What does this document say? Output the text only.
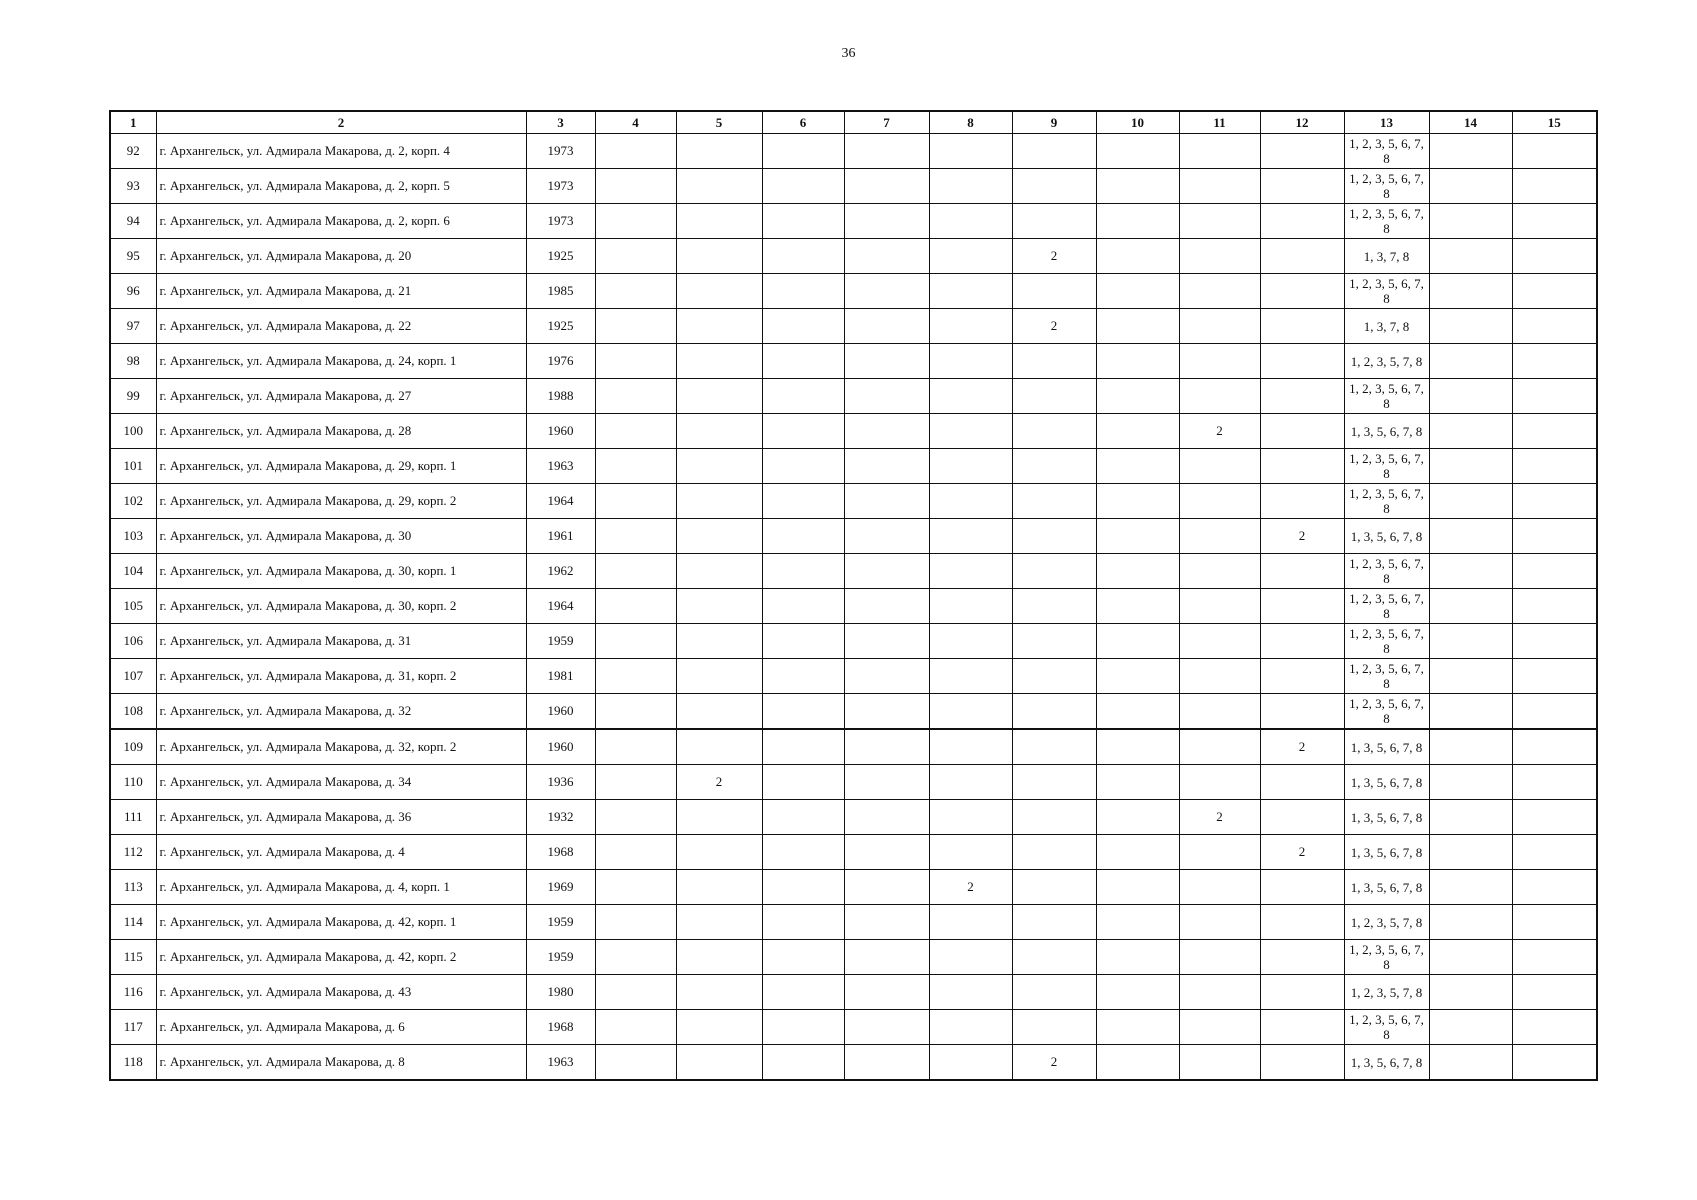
36
1	2	3	4	5	6	7	8	9	10	11	12	13	14	15
92	г. Архангельск, ул. Адмирала Макарова, д. 2, корп. 4	1973										1, 2, 3, 5, 6, 7, 8		
93	г. Архангельск, ул. Адмирала Макарова, д. 2, корп. 5	1973										1, 2, 3, 5, 6, 7, 8		
94	г. Архангельск, ул. Адмирала Макарова, д. 2, корп. 6	1973										1, 2, 3, 5, 6, 7, 8		
95	г. Архангельск, ул. Адмирала Макарова, д. 20	1925						2				1, 3, 7, 8		
96	г. Архангельск, ул. Адмирала Макарова, д. 21	1985										1, 2, 3, 5, 6, 7, 8		
97	г. Архангельск, ул. Адмирала Макарова, д. 22	1925						2				1, 3, 7, 8		
98	г. Архангельск, ул. Адмирала Макарова, д. 24, корп. 1	1976										1, 2, 3, 5, 7, 8		
99	г. Архангельск, ул. Адмирала Макарова, д. 27	1988										1, 2, 3, 5, 6, 7, 8		
100	г. Архангельск, ул. Адмирала Макарова, д. 28	1960								2		1, 3, 5, 6, 7, 8		
101	г. Архангельск, ул. Адмирала Макарова, д. 29, корп. 1	1963										1, 2, 3, 5, 6, 7, 8		
102	г. Архангельск, ул. Адмирала Макарова, д. 29, корп. 2	1964										1, 2, 3, 5, 6, 7, 8		
103	г. Архангельск, ул. Адмирала Макарова, д. 30	1961									2	1, 3, 5, 6, 7, 8		
104	г. Архангельск, ул. Адмирала Макарова, д. 30, корп. 1	1962										1, 2, 3, 5, 6, 7, 8		
105	г. Архангельск, ул. Адмирала Макарова, д. 30, корп. 2	1964										1, 2, 3, 5, 6, 7, 8		
106	г. Архангельск, ул. Адмирала Макарова, д. 31	1959										1, 2, 3, 5, 6, 7, 8		
107	г. Архангельск, ул. Адмирала Макарова, д. 31, корп. 2	1981										1, 2, 3, 5, 6, 7, 8		
108	г. Архангельск, ул. Адмирала Макарова, д. 32	1960										1, 2, 3, 5, 6, 7, 8		
109	г. Архангельск, ул. Адмирала Макарова, д. 32, корп. 2	1960									2	1, 3, 5, 6, 7, 8		
110	г. Архангельск, ул. Адмирала Макарова, д. 34	1936		2								1, 3, 5, 6, 7, 8		
111	г. Архангельск, ул. Адмирала Макарова, д. 36	1932								2		1, 3, 5, 6, 7, 8		
112	г. Архангельск, ул. Адмирала Макарова, д. 4	1968									2	1, 3, 5, 6, 7, 8		
113	г. Архангельск, ул. Адмирала Макарова, д. 4, корп. 1	1969					2					1, 3, 5, 6, 7, 8		
114	г. Архангельск, ул. Адмирала Макарова, д. 42, корп. 1	1959										1, 2, 3, 5, 7, 8		
115	г. Архангельск, ул. Адмирала Макарова, д. 42, корп. 2	1959										1, 2, 3, 5, 6, 7, 8		
116	г. Архангельск, ул. Адмирала Макарова, д. 43	1980										1, 2, 3, 5, 7, 8		
117	г. Архангельск, ул. Адмирала Макарова, д. 6	1968										1, 2, 3, 5, 6, 7, 8		
118	г. Архангельск, ул. Адмирала Макарова, д. 8	1963						2				1, 3, 5, 6, 7, 8		
